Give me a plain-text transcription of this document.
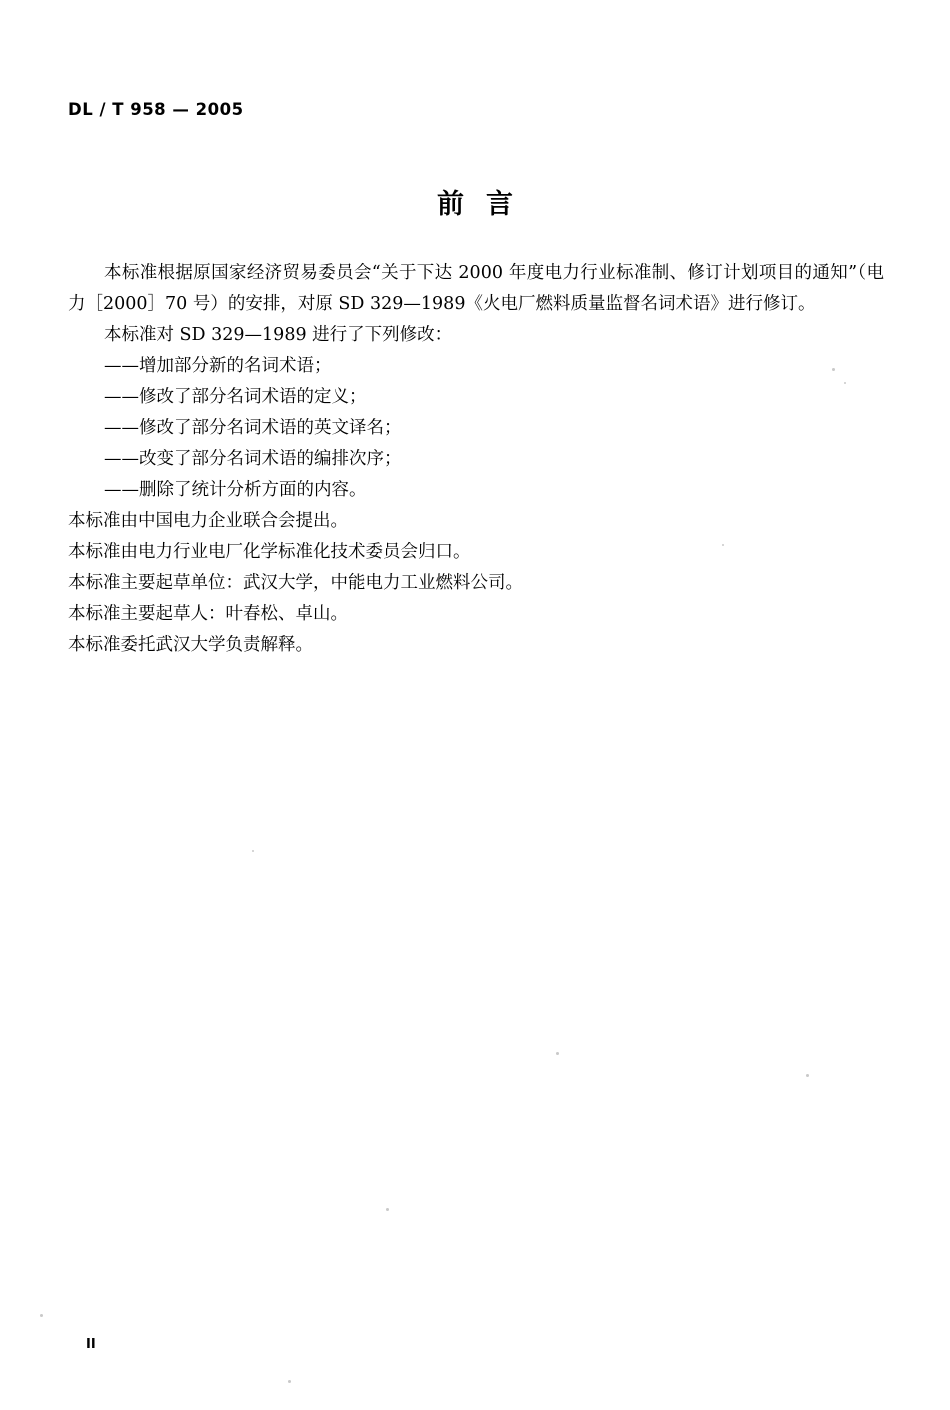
DL / T 958 — 2005
前言

本标准根据原国家经济贸易委员会“关于下达 2000 年度电力行业标准制、修订计划项目的通知”（电力［2000］70 号）的安排，对原 SD 329—1989《火电厂燃料质量监督名词术语》进行修订。

本标准对 SD 329—1989 进行了下列修改：

——增加部分新的名词术语；

——修改了部分名词术语的定义；

——修改了部分名词术语的英文译名；

——改变了部分名词术语的编排次序；

——删除了统计分析方面的内容。

本标准由中国电力企业联合会提出。

本标准由电力行业电厂化学标准化技术委员会归口。

本标准主要起草单位：武汉大学，中能电力工业燃料公司。

本标准主要起草人：叶春松、卓山。

本标准委托武汉大学负责解释。

II
